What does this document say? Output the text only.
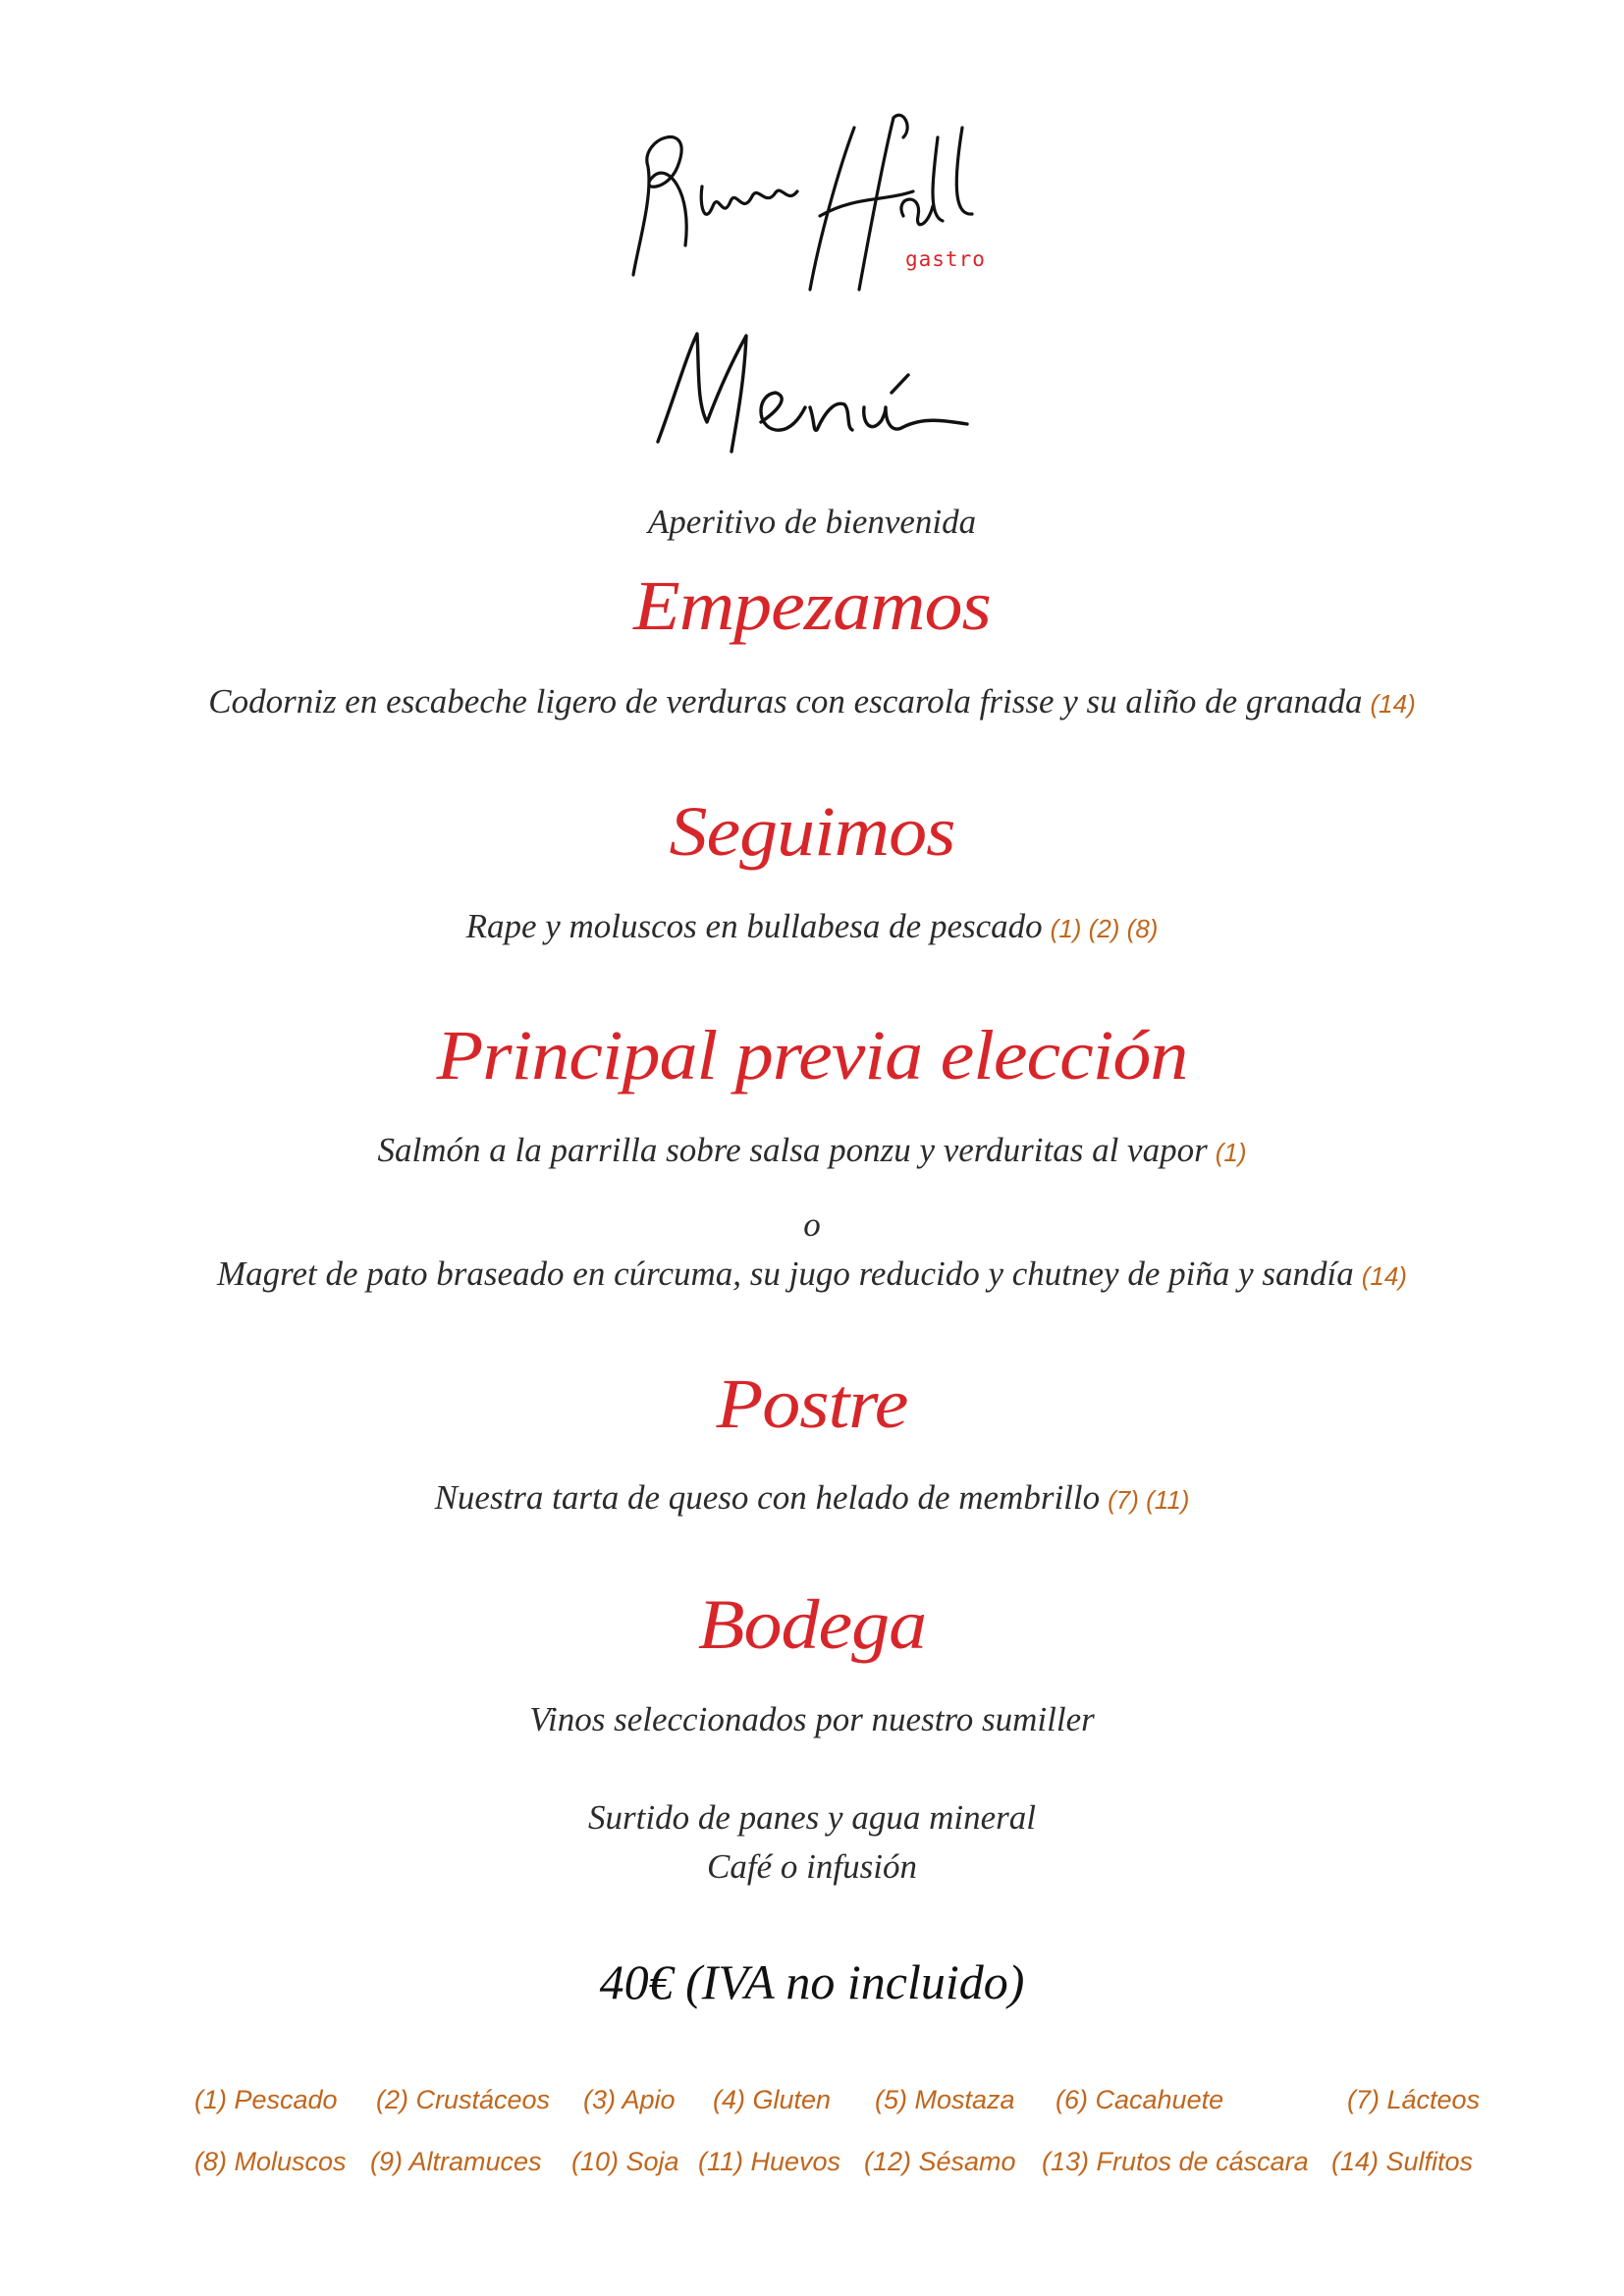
gastro
Aperitivo de bienvenida
Empezamos
Codorniz en escabeche ligero de verduras con escarola frisse y su aliño de granada (14)
Seguimos
Rape y moluscos en bullabesa de pescado (1) (2) (8)
Principal previa elección
Salmón a la parrilla sobre salsa ponzu y verduritas al vapor (1)
o
Magret de pato braseado en cúrcuma, su jugo reducido y chutney de piña y sandía (14)
Postre
Nuestra tarta de queso con helado de membrillo (7) (11)
Bodega
Vinos seleccionados por nuestro sumiller
Surtido de panes y agua mineral
Café o infusión
40€ (IVA no incluido)
(1) Pescado (2) Crustáceos (3) Apio (4) Gluten (5) Mostaza (6) Cacahuete	(7) Lácteos
(8) Moluscos (9) Altramuces (10) Soja (11) Huevos (12) Sésamo (13) Frutos de cáscara (14) Sulfitos
